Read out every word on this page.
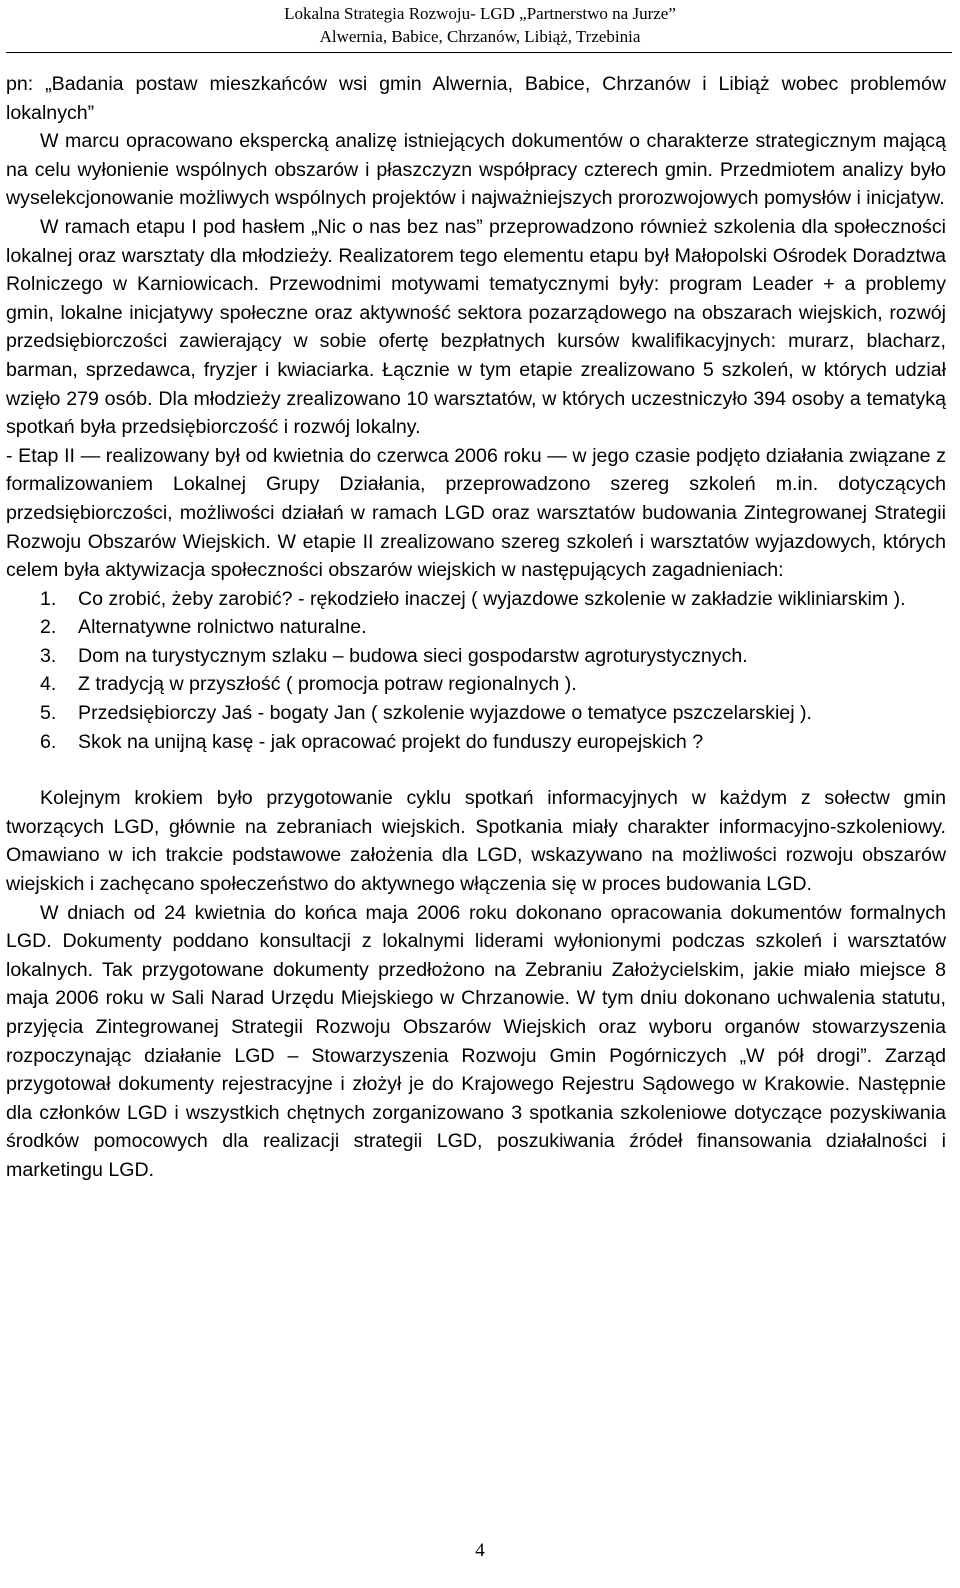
Lokalna Strategia Rozwoju- LGD „Partnerstwo na Jurze”
Alwernia, Babice, Chrzanów, Libiąż, Trzebinia

pn: „Badania postaw mieszkańców wsi gmin Alwernia, Babice, Chrzanów i Libiąż wobec problemów lokalnych”

W marcu opracowano ekspercką analizę istniejących dokumentów o charakterze strategicznym mającą na celu wyłonienie wspólnych obszarów i płaszczyzn współpracy czterech gmin. Przedmiotem analizy było wyselekcjonowanie możliwych wspólnych projektów i najważniejszych prorozwojowych pomysłów i inicjatyw.

W ramach etapu I pod hasłem „Nic o nas bez nas” przeprowadzono również szkolenia dla społeczności lokalnej oraz warsztaty dla młodzieży. Realizatorem tego elementu etapu był Małopolski Ośrodek Doradztwa Rolniczego w Karniowicach. Przewodnimi motywami tematycznymi były: program Leader + a problemy gmin, lokalne inicjatywy społeczne oraz aktywność sektora pozarządowego na obszarach wiejskich, rozwój przedsiębiorczości zawierający w sobie ofertę bezpłatnych kursów kwalifikacyjnych: murarz, blacharz, barman, sprzedawca, fryzjer i kwiaciarka. Łącznie w tym etapie zrealizowano 5 szkoleń, w których udział wzięło 279 osób. Dla młodzieży zrealizowano 10 warsztatów, w których uczestniczyło 394 osoby a tematyką spotkań była przedsiębiorczość i rozwój lokalny.

- Etap II — realizowany był od kwietnia do czerwca 2006 roku — w jego czasie podjęto działania związane z formalizowaniem Lokalnej Grupy Działania, przeprowadzono szereg szkoleń m.in. dotyczących przedsiębiorczości, możliwości działań w ramach LGD oraz warsztatów budowania Zintegrowanej Strategii Rozwoju Obszarów Wiejskich. W etapie II zrealizowano szereg szkoleń i warsztatów wyjazdowych, których celem była aktywizacja społeczności obszarów wiejskich w następujących zagadnieniach:

1. Co zrobić, żeby zarobić? - rękodzieło inaczej ( wyjazdowe szkolenie w zakładzie wikliniarskim ).
2. Alternatywne rolnictwo naturalne.
3. Dom na turystycznym szlaku – budowa sieci gospodarstw agroturystycznych.
4. Z tradycją w przyszłość ( promocja potraw regionalnych ).
5. Przedsiębiorczy Jaś - bogaty Jan ( szkolenie wyjazdowe o tematyce pszczelarskiej ).
6. Skok na unijną kasę - jak opracować projekt do funduszy europejskich ?

Kolejnym krokiem było przygotowanie cyklu spotkań informacyjnych w każdym z sołectw gmin tworzących LGD, głównie na zebraniach wiejskich. Spotkania miały charakter informacyjno-szkoleniowy. Omawiano w ich trakcie podstawowe założenia dla LGD, wskazywano na możliwości rozwoju obszarów wiejskich i zachęcano społeczeństwo do aktywnego włączenia się w proces budowania LGD.

W dniach od 24 kwietnia do końca maja 2006 roku dokonano opracowania dokumentów formalnych LGD. Dokumenty poddano konsultacji z lokalnymi liderami wyłonionymi podczas szkoleń i warsztatów lokalnych. Tak przygotowane dokumenty przedłożono na Zebraniu Założycielskim, jakie miało miejsce 8 maja 2006 roku w Sali Narad Urzędu Miejskiego w Chrzanowie. W tym dniu dokonano uchwalenia statutu, przyjęcia Zintegrowanej Strategii Rozwoju Obszarów Wiejskich oraz wyboru organów stowarzyszenia rozpoczynając działanie LGD – Stowarzyszenia Rozwoju Gmin Pogórniczych „W pół drogi”. Zarząd przygotował dokumenty rejestracyjne i złożył je do Krajowego Rejestru Sądowego w Krakowie. Następnie dla członków LGD i wszystkich chętnych zorganizowano 3 spotkania szkoleniowe dotyczące pozyskiwania środków pomocowych dla realizacji strategii LGD, poszukiwania źródeł finansowania działalności i marketingu LGD.

4
